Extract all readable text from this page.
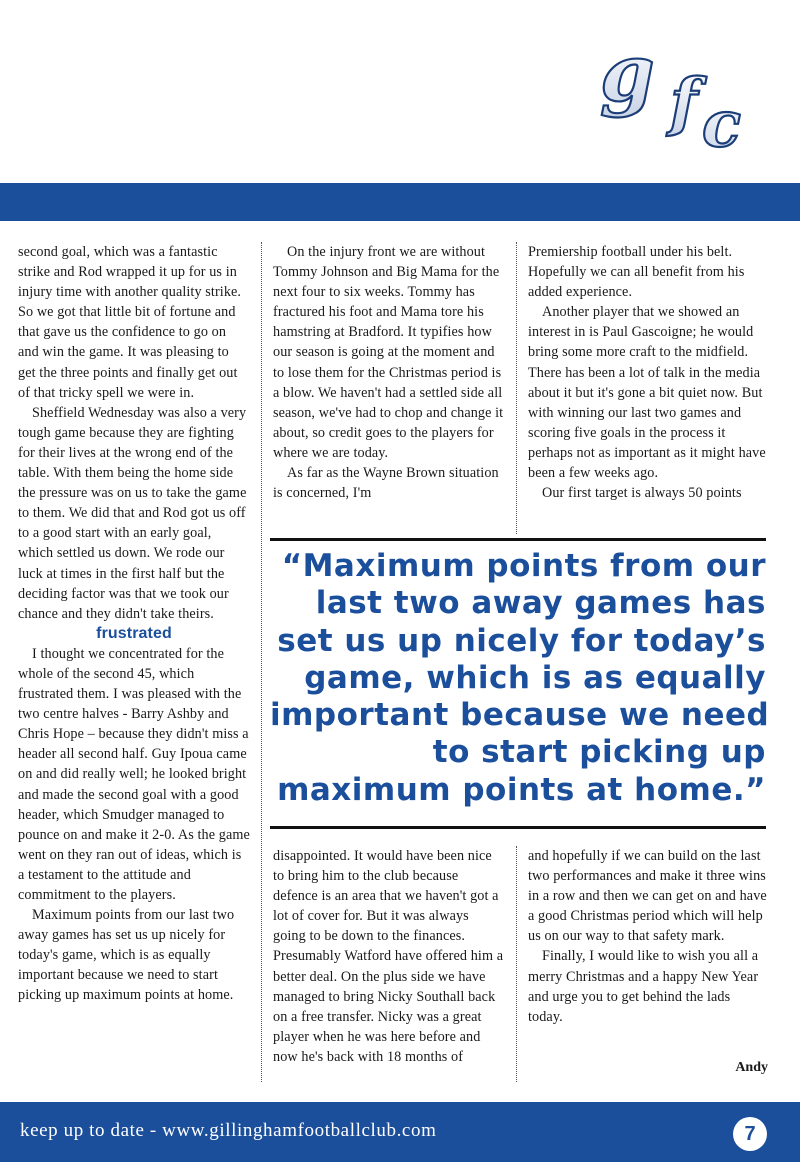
g f c

second goal, which was a fantastic strike and Rod wrapped it up for us in injury time with another quality strike. So we got that little bit of fortune and that gave us the confidence to go on and win the game. It was pleasing to get the three points and finally get out of that tricky spell we were in.

Sheffield Wednesday was also a very tough game because they are fighting for their lives at the wrong end of the table. With them being the home side the pressure was on us to take the game to them. We did that and Rod got us off to a good start with an early goal, which settled us down. We rode our luck at times in the first half but the deciding factor was that we took our chance and they didn't take theirs.

frustrated

I thought we concentrated for the whole of the second 45, which frustrated them. I was pleased with the two centre halves - Barry Ashby and Chris Hope – because they didn't miss a header all second half. Guy Ipoua came on and did really well; he looked bright and made the second goal with a good header, which Smudger managed to pounce on and make it 2-0. As the game went on they ran out of ideas, which is a testament to the attitude and commitment to the players.

Maximum points from our last two away games has set us up nicely for today's game, which is as equally important because we need to start picking up maximum points at home.

On the injury front we are without Tommy Johnson and Big Mama for the next four to six weeks. Tommy has fractured his foot and Mama tore his hamstring at Bradford. It typifies how our season is going at the moment and to lose them for the Christmas period is a blow. We haven't had a settled side all season, we've had to chop and change it about, so credit goes to the players for where we are today.

As far as the Wayne Brown situation is concerned, I'm

Premiership football under his belt. Hopefully we can all benefit from his added experience.

Another player that we showed an interest in is Paul Gascoigne; he would bring some more craft to the midfield. There has been a lot of talk in the media about it but it's gone a bit quiet now. But with winning our last two games and scoring five goals in the process it perhaps not as important as it might have been a few weeks ago.

Our first target is always 50 points

“Maximum points from our
last two away games has
set us up nicely for today’s
game, which is as equally
important because we need
to start picking up
maximum points at home.”

disappointed. It would have been nice to bring him to the club because defence is an area that we haven't got a lot of cover for. But it was always going to be down to the finances. Presumably Watford have offered him a better deal. On the plus side we have managed to bring Nicky Southall back on a free transfer. Nicky was a great player when he was here before and now he's back with 18 months of

and hopefully if we can build on the last two performances and make it three wins in a row and then we can get on and have a good Christmas period which will help us on our way to that safety mark.

Finally, I would like to wish you all a merry Christmas and a happy New Year and urge you to get behind the lads today.

Andy
keep up to date - www.gillinghamfootballclub.com	7
